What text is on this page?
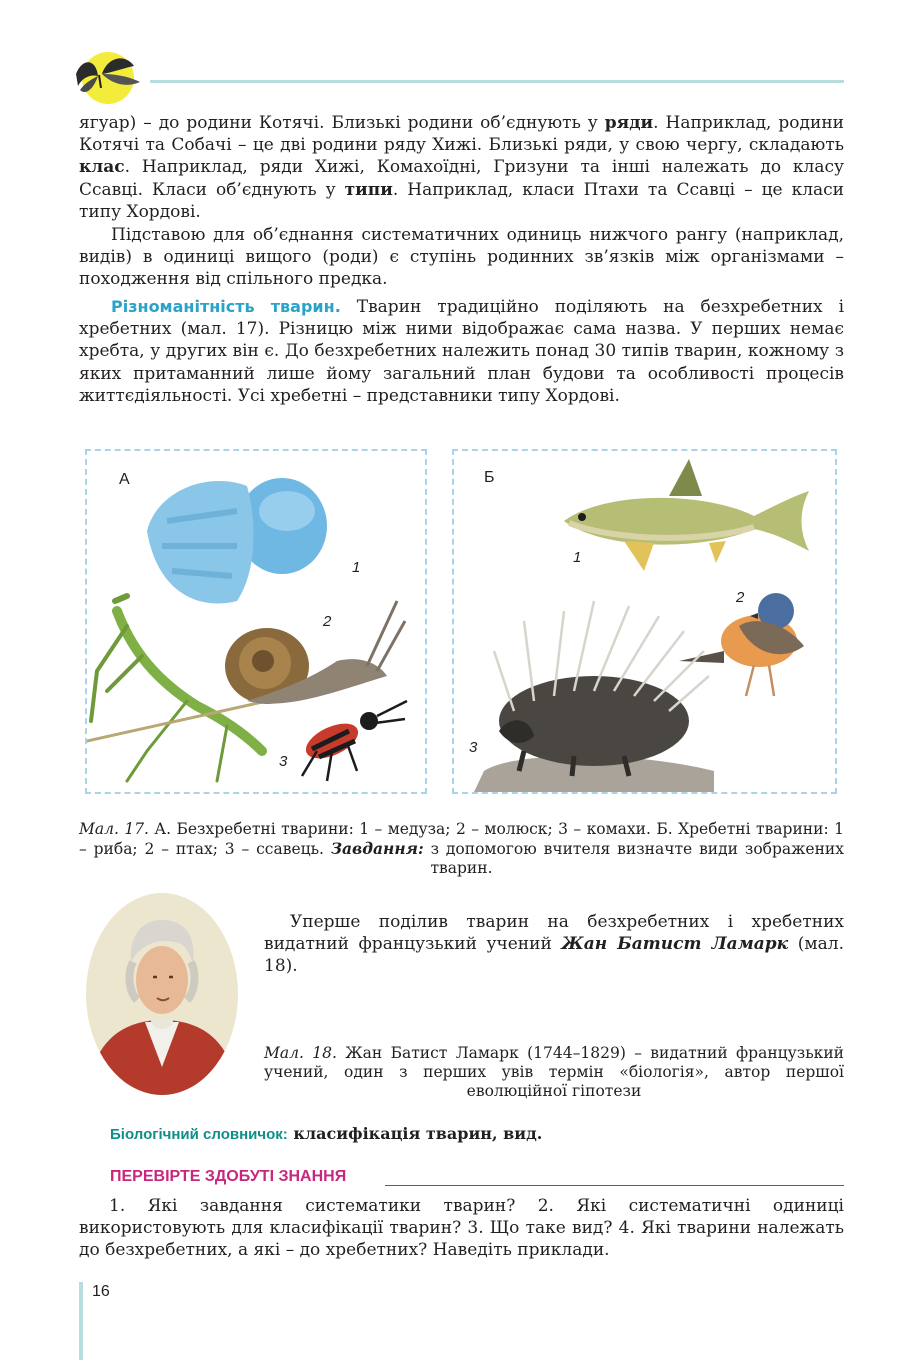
ягуар) – до родини Котячі. Близькі родини об’єднують у ряди. Наприклад, родини Котячі та Собачі – це дві родини ряду Хижі. Близькі ряди, у свою чергу, складають клас. Наприклад, ряди Хижі, Комахоїдні, Гризуни та інші належать до класу Ссавці. Класи об’єднують у типи. Наприклад, класи Птахи та Ссавці – це класи типу Хордові.

Підставою для об’єднання систематичних одиниць нижчого рангу (наприклад, видів) в одиниці вищого (роди) є ступінь родинних зв’язків між організмами – походження від спільного предка.

Різноманітність тварин. Тварин традиційно поділяють на безхребетних і хребетних (мал. 17). Різницю між ними відображає сама назва. У перших немає хребта, у других він є. До безхребетних належить понад 30 типів тварин, кожному з яких притаманний лише йому загальний план будови та особливості процесів життєдіяльності. Усі хребетні – представники типу Хордові.

А
1
2
3
Б
1
2
3

Мал. 17. А. Безхребетні тварини: 1 – медуза; 2 – молюск; 3 – комахи. Б. Хребетні тварини: 1 – риба; 2 – птах; 3 – ссавець. Завдання: з допомогою вчителя визначте види зображених тварин.

Уперше поділив тварин на безхребетних і хребетних видатний французький учений Жан Батист Ламарк (мал. 18).

Мал. 18. Жан Батист Ламарк (1744–1829) – видатний французький учений, один з перших увів термін «біологія», автор першої еволюційної гіпотези

Біологічний словничок: класифікація тварин, вид.

ПЕРЕВІРТЕ ЗДОБУТІ ЗНАННЯ

1. Які завдання систематики тварин? 2. Які систематичні одиниці використовують для класифікації тварин? 3. Що таке вид? 4. Які тварини належать до безхребетних, а які – до хребетних? Наведіть приклади.

16
